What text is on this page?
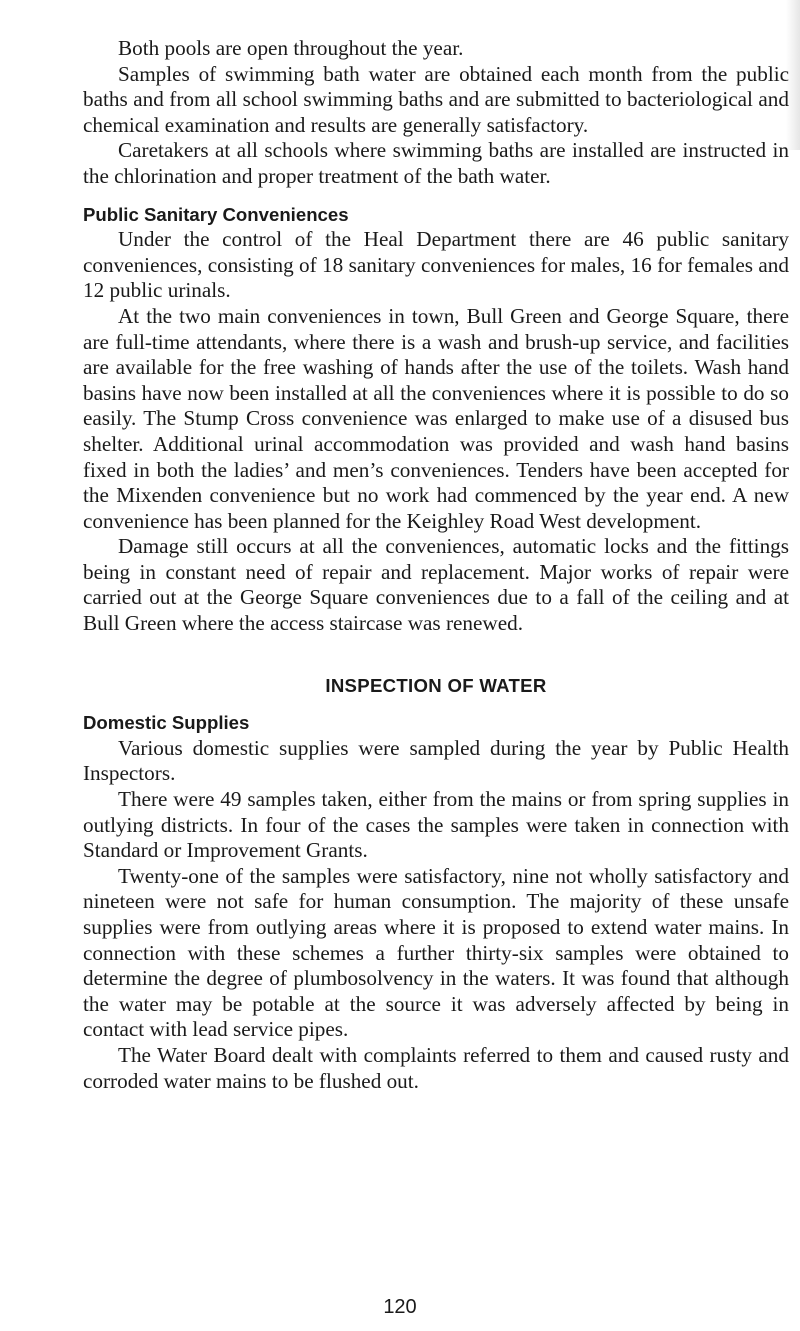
Both pools are open throughout the year.

Samples of swimming bath water are obtained each month from the public baths and from all school swimming baths and are submitted to bacteriological and chemical examination and results are generally satisfactory.

Caretakers at all schools where swimming baths are installed are instructed in the chlorination and proper treatment of the bath water.

Public Sanitary Conveniences

Under the control of the Heal Department there are 46 public sanitary conveniences, consisting of 18 sanitary conveniences for males, 16 for females and 12 public urinals.

At the two main conveniences in town, Bull Green and George Square, there are full-time attendants, where there is a wash and brush-up service, and facilities are available for the free washing of hands after the use of the toilets. Wash hand basins have now been installed at all the conveniences where it is possible to do so easily. The Stump Cross convenience was enlarged to make use of a disused bus shelter. Additional urinal accommodation was provided and wash hand basins fixed in both the ladies’ and men’s conveniences. Tenders have been accepted for the Mixenden convenience but no work had commenced by the year end. A new convenience has been planned for the Keighley Road West development.

Damage still occurs at all the conveniences, automatic locks and the fittings being in constant need of repair and replacement. Major works of repair were carried out at the George Square conveniences due to a fall of the ceiling and at Bull Green where the access staircase was renewed.

INSPECTION OF WATER
Domestic Supplies

Various domestic supplies were sampled during the year by Public Health Inspectors.

There were 49 samples taken, either from the mains or from spring supplies in outlying districts. In four of the cases the samples were taken in connection with Standard or Improvement Grants.

Twenty-one of the samples were satisfactory, nine not wholly satisfactory and nineteen were not safe for human consumption. The majority of these unsafe supplies were from outlying areas where it is proposed to extend water mains. In connection with these schemes a further thirty-six samples were obtained to determine the degree of plumbosolvency in the waters. It was found that although the water may be potable at the source it was adversely affected by being in contact with lead service pipes.

The Water Board dealt with complaints referred to them and caused rusty and corroded water mains to be flushed out.

120
